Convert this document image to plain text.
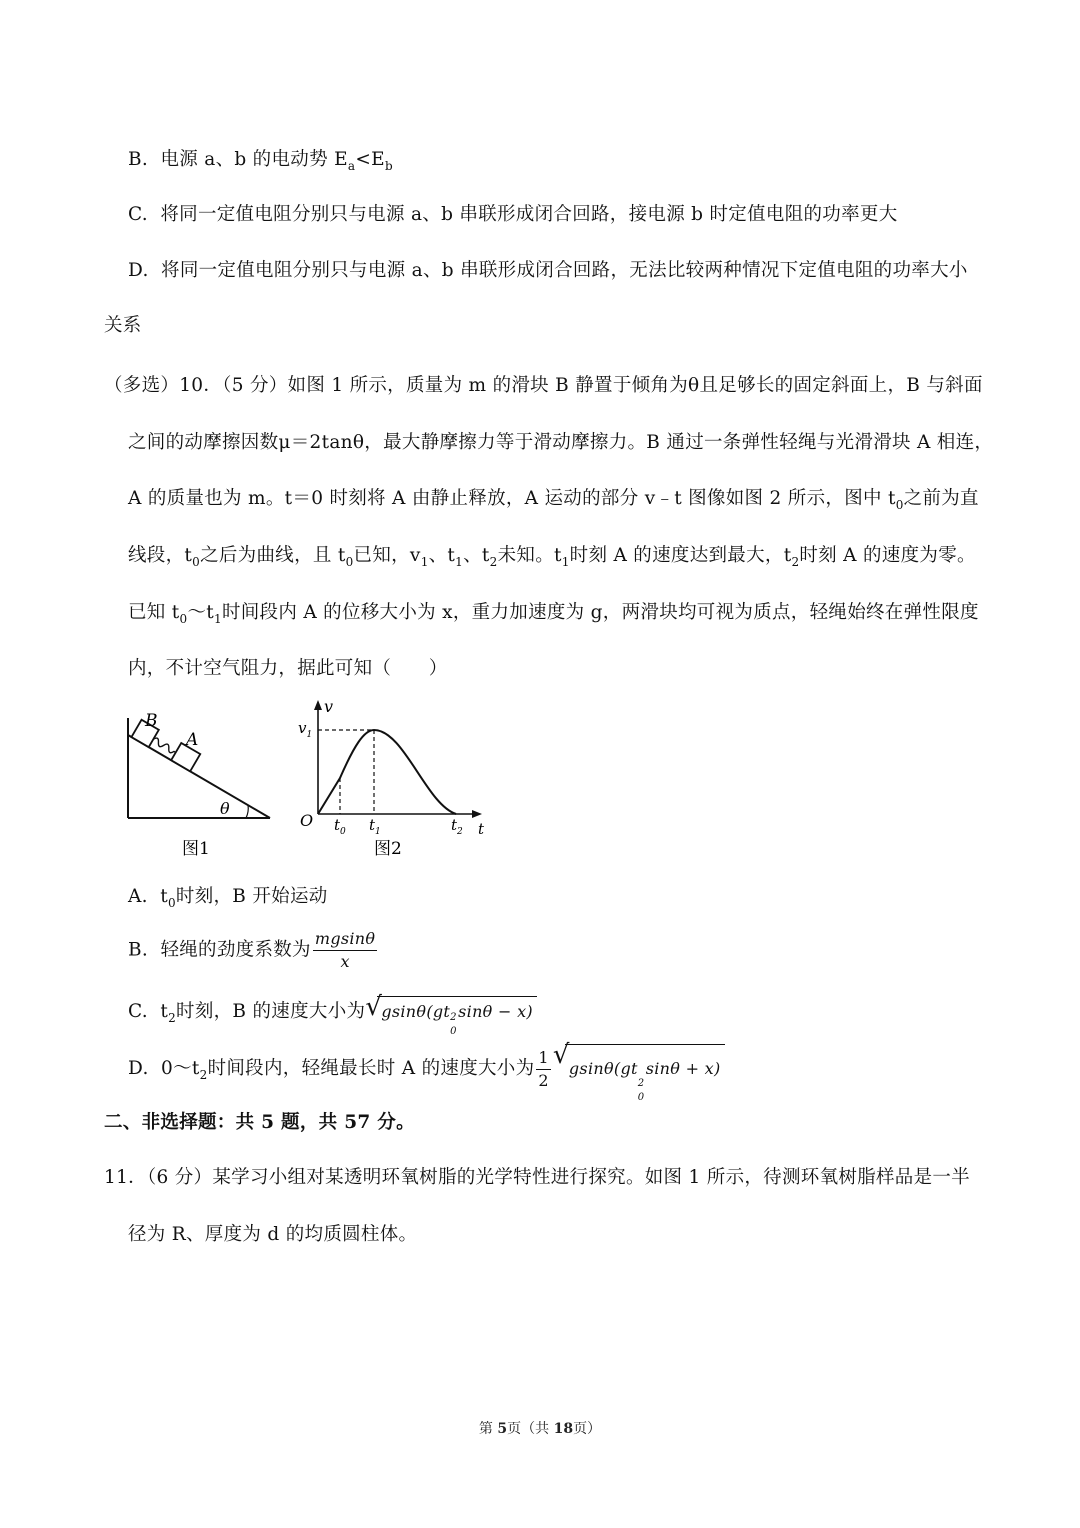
B. 电源 a、b 的电动势 $E_a<E_b$
C. 将同一定值电阻分别只与电源 a、b 串联形成闭合回路，接电源 b 时定值电阻的功率更大
D. 将同一定值电阻分别只与电源 a、b 串联形成闭合回路，无法比较两种情况下定值电阻的功率大小
关系
（多选）10．（5 分）如图 1 所示，质量为 m 的滑块 B 静置于倾角为θ且足够长的固定斜面上，B 与斜面
之间的动摩擦因数μ＝2tanθ，最大静摩擦力等于滑动摩擦力。B 通过一条弹性轻绳与光滑滑块 A 相连，
A 的质量也为 m。t＝0 时刻将 A 由静止释放，A 运动的部分 v﹣t 图像如图 2 所示，图中 $t_0$之前为直
线段，$t_0$之后为曲线，且 $t_0$已知，$v_1$、$t_1$、$t_2$未知。$t_1$时刻 A 的速度达到最大，$t_2$时刻 A 的速度为零。
已知 $t_0\sim t_1$时间段内 A 的位移大小为 x，重力加速度为 g，两滑块均可视为质点，轻绳始终在弹性限度
内，不计空气阻力，据此可知（　　）
B
A
θ
图1
v
$v_1$
O $t_0$ $t_1$	$t_2$ t
图2
A. $t_0$时刻，B 开始运动
B. 轻绳的劲度系数为 $\frac{mgsin\theta}{x}$
C. $t_2$时刻，B 的速度大小为 √ gsinθ(gt 2
0
sinθ − x)
D. $0\sim t_2$时间段内，轻绳最长时 A 的速度大小为 $\frac{1}{2}$ √ gsinθ(gt
2
0
sinθ + x)
二、非选择题：共 5 题，共 57 分。
11．（6 分）某学习小组对某透明环氧树脂的光学特性进行探究。如图 1 所示，待测环氧树脂样品是一半
径为 R、厚度为 d 的均质圆柱体。
第 5页（共 18页）
